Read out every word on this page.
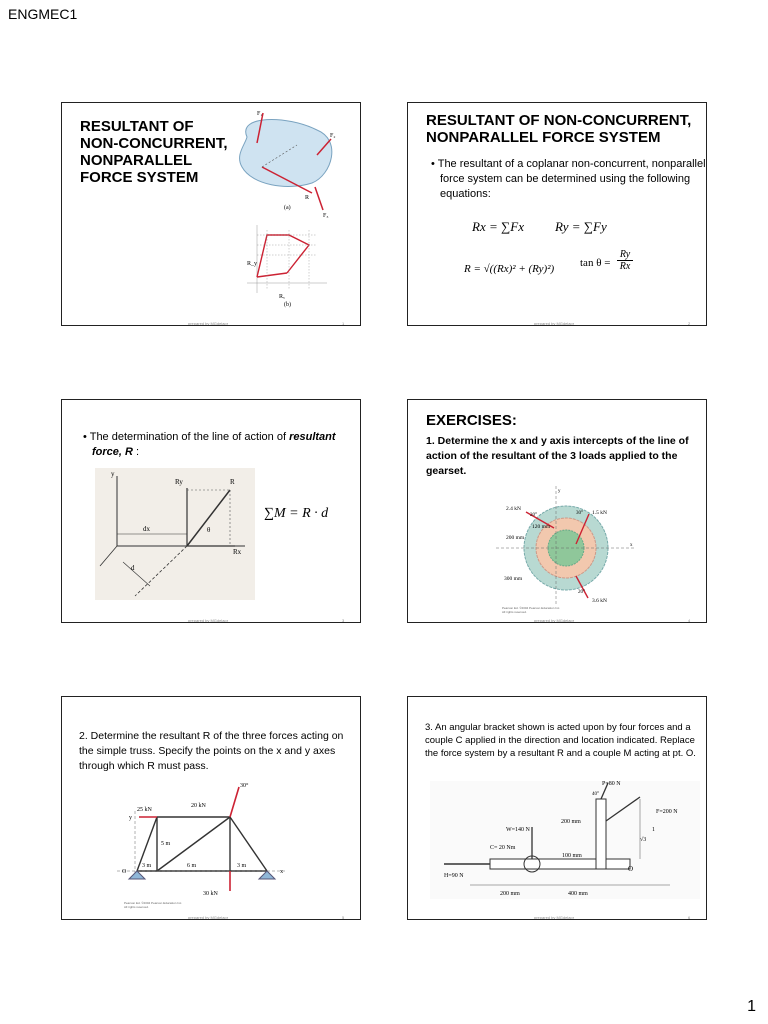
ENGMEC1
RESULTANT OF NON-CONCURRENT, NONPARALLEL FORCE SYSTEM
F₁
F₂
F₃
R
(a)
R_y
Rₓ
(b)
prepared by MGdelapr	1
RESULTANT OF NON-CONCURRENT, NONPARALLEL FORCE SYSTEM
• The resultant of a coplanar non-concurrent, nonparallel force system can be determined using the following equations:
Rx = ∑Fx Ry = ∑Fy
R = √((Rx)² + (Ry)²) $\tan \theta = \frac{Ry}{Rx}$
prepared by MGdelapr	2
• The determination of the line of action of resultant force, R :
y
Ry	R
Rx
dx
d
θ
∑M = R · d
prepared by MGdelapr	3
EXERCISES:
1. Determine the x and y axis intercepts of the line of action of the resultant of the 3 loads applied to the gearset.
y
x
2.4 kN
1.5 kN
3.6 kN
120 mm
200 mm
300 mm
20°	30°
20°
Pearson Ed. ©2004 Pearson Education Inc. All rights reserved.
prepared by MGdelapr	4
2. Determine the resultant R of the three forces acting on the simple truss. Specify the points on the x and y axes through which R must pass.
25 kN
20 kN
30 kN
30°
5 m
3 m	6 m	3 m
O	x
y
Pearson Ed. ©2004 Pearson Education Inc. All rights reserved.
prepared by MGdelapr	5
3. An angular bracket shown is acted upon by four forces and a couple C applied in the direction and location indicated. Replace the force system by a resultant R and a couple M acting at pt. O.
P=80 N
40°
F=200 N
W=140 N
C= 20 Nm
H=90 N
200 mm
100 mm
200 mm	400 mm
O
1
√3
prepared by MGdelapr	6
1
